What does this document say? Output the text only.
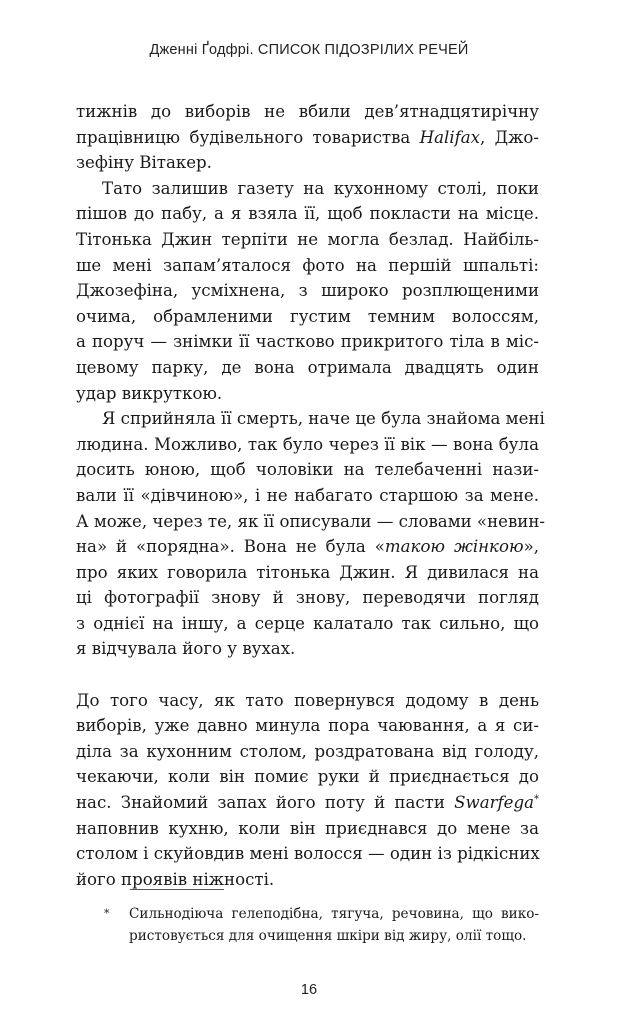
Дженні Ґодфрі. СПИСОК ПІДОЗРІЛИХ РЕЧЕЙ
тижнів до виборів не вбили дев’ятнадцятирічну
працівницю будівельного товариства Halifax, Джо-
зефіну Вітакер.
Тато залишив газету на кухонному столі, поки
пішов до пабу, а я взяла її, щоб покласти на місце.
Тітонька Джин терпіти не могла безлад. Найбіль-
ше мені запам’яталося фото на першій шпальті:
Джозефіна, усміхнена, з широко розплющеними
очима, обрамленими густим темним волоссям,
а поруч — знімки її частково прикритого тіла в міс-
цевому парку, де вона отримала двадцять один
удар викруткою.
Я сприйняла її смерть, наче це була знайома мені
людина. Можливо, так було через її вік — вона була
досить юною, щоб чоловіки на телебаченні нази-
вали її «дівчиною», і не набагато старшою за мене.
А може, через те, як її описували — словами «невин-
на» й «порядна». Вона не була «такою жінкою»,
про яких говорила тітонька Джин. Я дивилася на
ці фотографії знову й знову, переводячи погляд
з однієї на іншу, а серце калатало так сильно, що
я відчувала його у вухах.
До того часу, як тато повернувся додому в день
виборів, уже давно минула пора чаювання, а я си-
діла за кухонним столом, роздратована від голоду,
чекаючи, коли він помиє руки й приєднається до
нас. Знайомий запах його поту й пасти Swarfega*
наповнив кухню, коли він приєднався до мене за
столом і скуйовдив мені волосся — один із рідкісних
його проявів ніжності.
* Сильнодіюча гелеподібна, тягуча, речовина, що вико-
ристовується для очищення шкіри від жиру, олії тощо.
16
